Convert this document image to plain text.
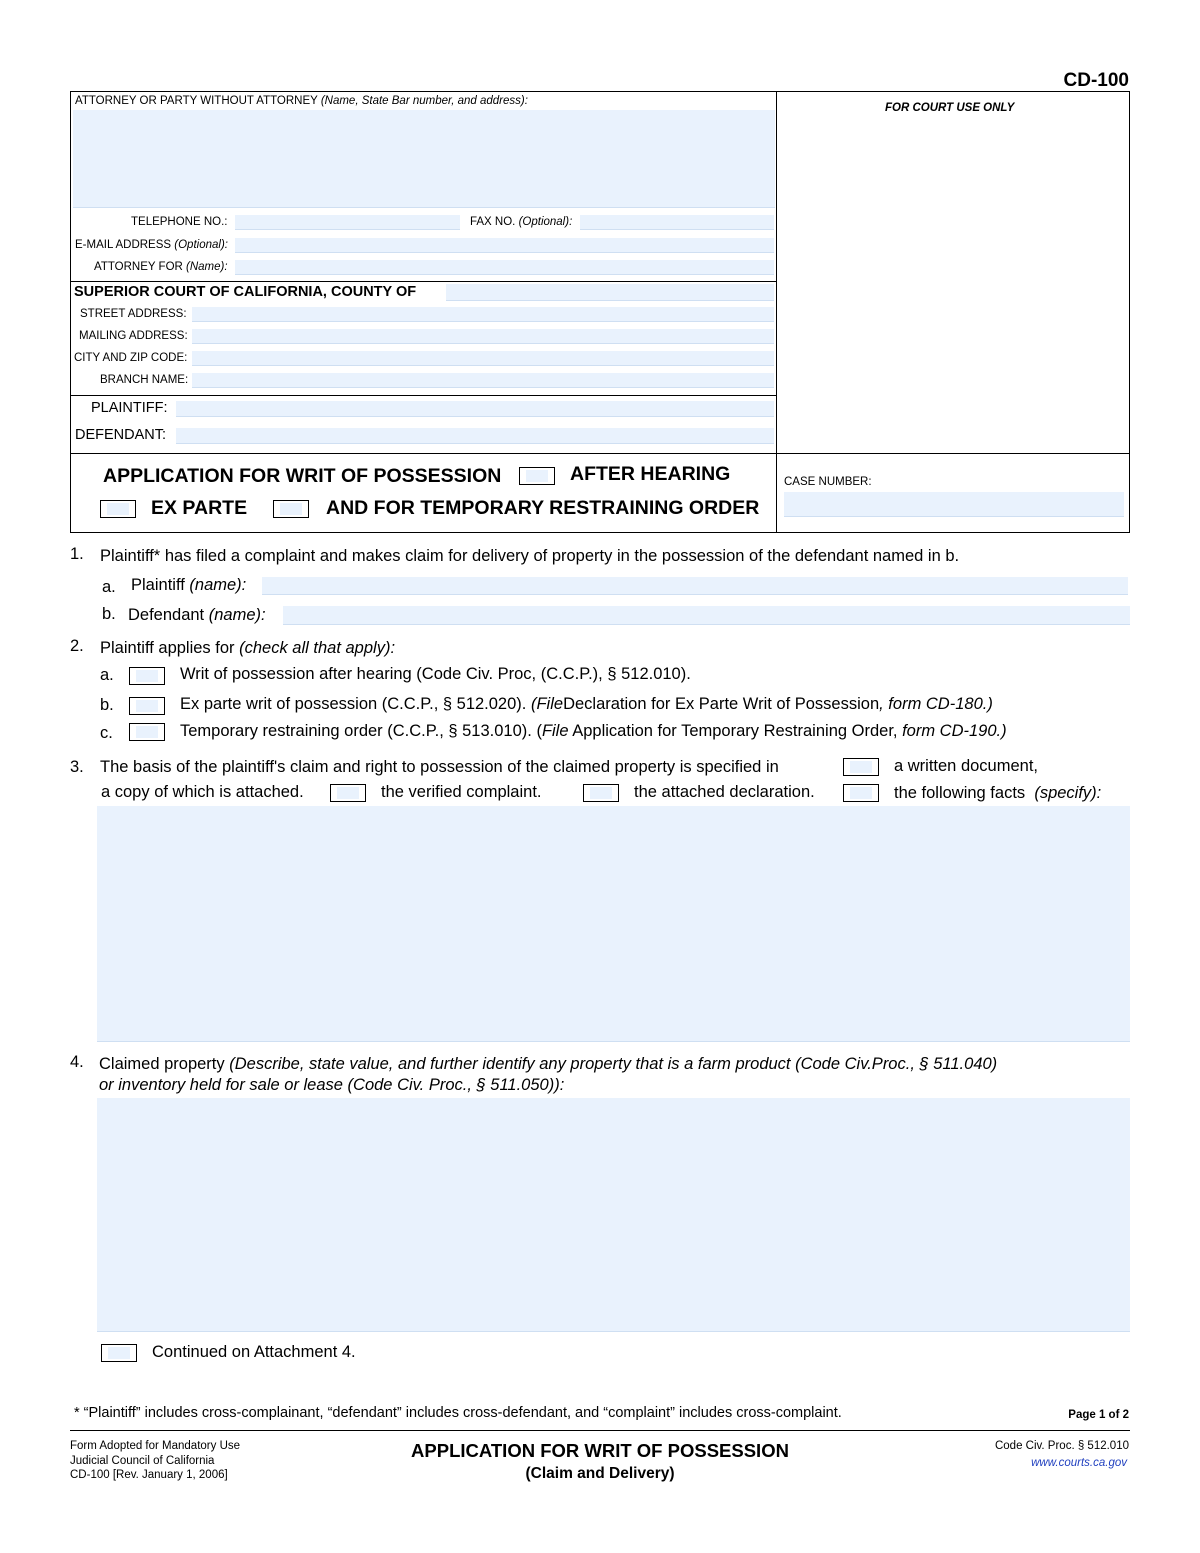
CD-100
ATTORNEY OR PARTY WITHOUT ATTORNEY (Name, State Bar number, and address):
TELEPHONE NO.:	FAX NO. (Optional):
E-MAIL ADDRESS (Optional):
ATTORNEY FOR (Name):
SUPERIOR COURT OF CALIFORNIA, COUNTY OF
STREET ADDRESS:
MAILING ADDRESS:
CITY AND ZIP CODE:
BRANCH NAME:
PLAINTIFF:
DEFENDANT:
FOR COURT USE ONLY
APPLICATION FOR WRIT OF POSSESSION	AFTER HEARING
EX PARTE	AND FOR TEMPORARY RESTRAINING ORDER
CASE NUMBER:
1. Plaintiff* has filed a complaint and makes claim for delivery of property in the possession of the defendant named in b.
a. Plaintiff (name):
b. Defendant (name):
2. Plaintiff applies for (check all that apply):
a.	Writ of possession after hearing (Code Civ. Proc, (C.C.P.), § 512.010).
b.	Ex parte writ of possession (C.C.P., § 512.020). (FileDeclaration for Ex Parte Writ of Possession, form CD-180.)
c.	Temporary restraining order (C.C.P., § 513.010). (File Application for Temporary Restraining Order, form CD-190.)
3. The basis of the plaintiff's claim and right to possession of the claimed property is specified in	a written document,
a copy of which is attached.	the verified complaint.	the attached declaration.	the following facts (specify):
4. Claimed property (Describe, state value, and further identify any property that is a farm product (Code Civ.Proc., § 511.040)
or inventory held for sale or lease (Code Civ. Proc., § 511.050)):
Continued on Attachment 4.
* “Plaintiff” includes cross-complainant, “defendant” includes cross-defendant, and “complaint” includes cross-complaint.	Page 1 of 2
Form Adopted for Mandatory Use
Judicial Council of California
CD-100 [Rev. January 1, 2006]
APPLICATION FOR WRIT OF POSSESSION
(Claim and Delivery)
Code Civ. Proc. § 512.010
www.courts.ca.gov
